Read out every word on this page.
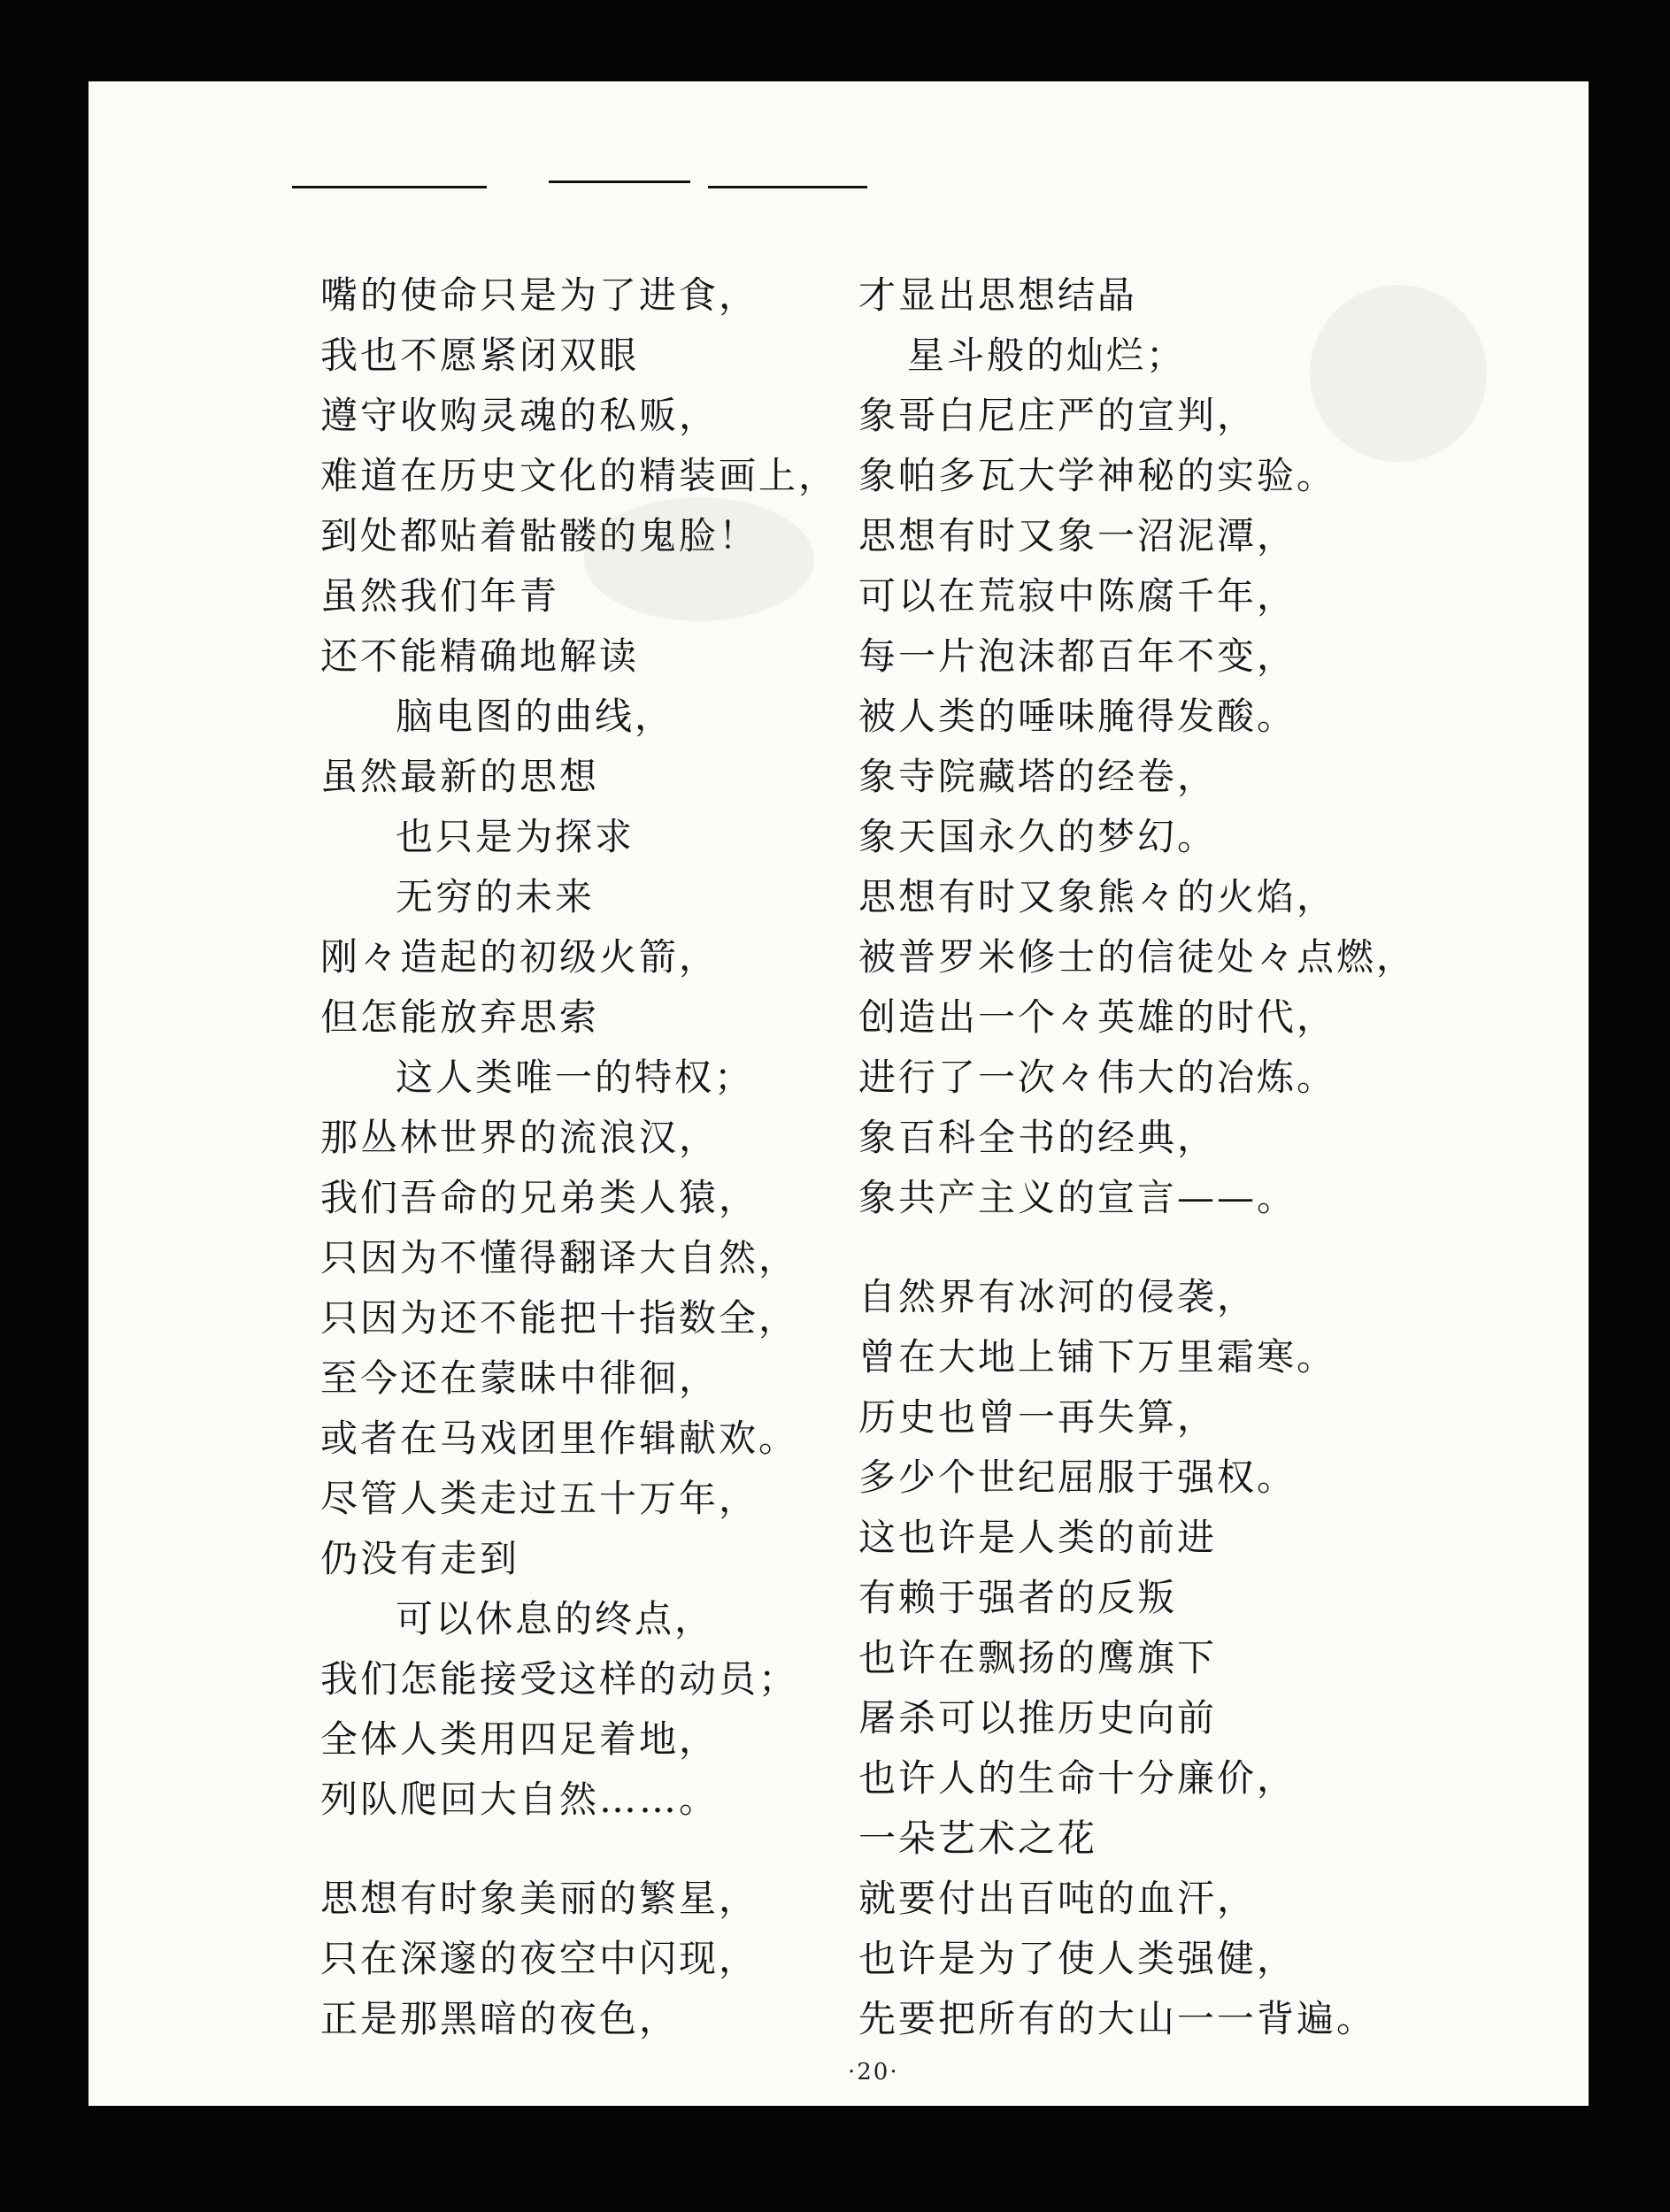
嘴的使命只是为了进食，
我也不愿紧闭双眼
遵守收购灵魂的私贩，
难道在历史文化的精装画上，
到处都贴着骷髅的鬼脸！
虽然我们年青
还不能精确地解读
脑电图的曲线，
虽然最新的思想
也只是为探求
无穷的未来
刚々造起的初级火箭，
但怎能放弃思索
这人类唯一的特权；
那丛林世界的流浪汉，
我们吾命的兄弟类人猿，
只因为不懂得翻译大自然，
只因为还不能把十指数全，
至今还在蒙昧中徘徊，
或者在马戏团里作辑献欢。
尽管人类走过五十万年，
仍没有走到
可以休息的终点，
我们怎能接受这样的动员；
全体人类用四足着地，
列队爬回大自然……。
思想有时象美丽的繁星，
只在深邃的夜空中闪现，
正是那黑暗的夜色，
才显出思想结晶
星斗般的灿烂；
象哥白尼庄严的宣判，
象帕多瓦大学神秘的实验。
思想有时又象一沼泥潭，
可以在荒寂中陈腐千年，
每一片泡沫都百年不变，
被人类的唾味腌得发酸。
象寺院藏塔的经卷，
象天国永久的梦幻。
思想有时又象熊々的火焰，
被普罗米修士的信徒处々点燃，
创造出一个々英雄的时代，
进行了一次々伟大的冶炼。
象百科全书的经典，
象共产主义的宣言——。
自然界有冰河的侵袭，
曾在大地上铺下万里霜寒。
历史也曾一再失算，
多少个世纪屈服于强权。
这也许是人类的前进
有赖于强者的反叛
也许在飘扬的鹰旗下
屠杀可以推历史向前
也许人的生命十分廉价，
一朵艺术之花
就要付出百吨的血汗，
也许是为了使人类强健，
先要把所有的大山一一背遍。
·20·
